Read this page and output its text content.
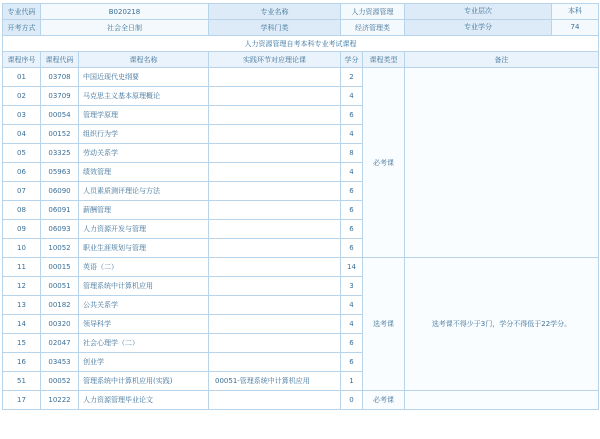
专业代码	B020218		专业名称	人力资源管理		专业层次 本科

开考方式	社会全日制		学科门类	经济管理类		专业学分 74

人力资源管理自考本科专业考试课程						
课程序号	课程代码	课程名称	实践环节对应理论课	学分	课程类型	备注
01	03708	中国近现代史纲要		2	必考课	
02	03709	马克思主义基本原理概论		4		
03	00054	管理学原理		6		
04	00152	组织行为学		4		
05	03325	劳动关系学		8		
06	05963	绩效管理		4		
07	06090	人员素质测评理论与方法		6		
08	06091	薪酬管理		6		
09	06093	人力资源开发与管理		6		
10	10052	职业生涯规划与管理		6		
11	00015	英语（二）		14	选考课	选考课不得少于3门，学分不得低于22学分。
12	00051	管理系统中计算机应用		3		
13	00182	公共关系学		4		
14	00320	领导科学		4		
15	02047	社会心理学（二）		6		
16	03453	创业学		6		
51	00052	管理系统中计算机应用(实践)	00051-管理系统中计算机应用	1		
17	10222	人力资源管理毕业论文		0	必考课	
